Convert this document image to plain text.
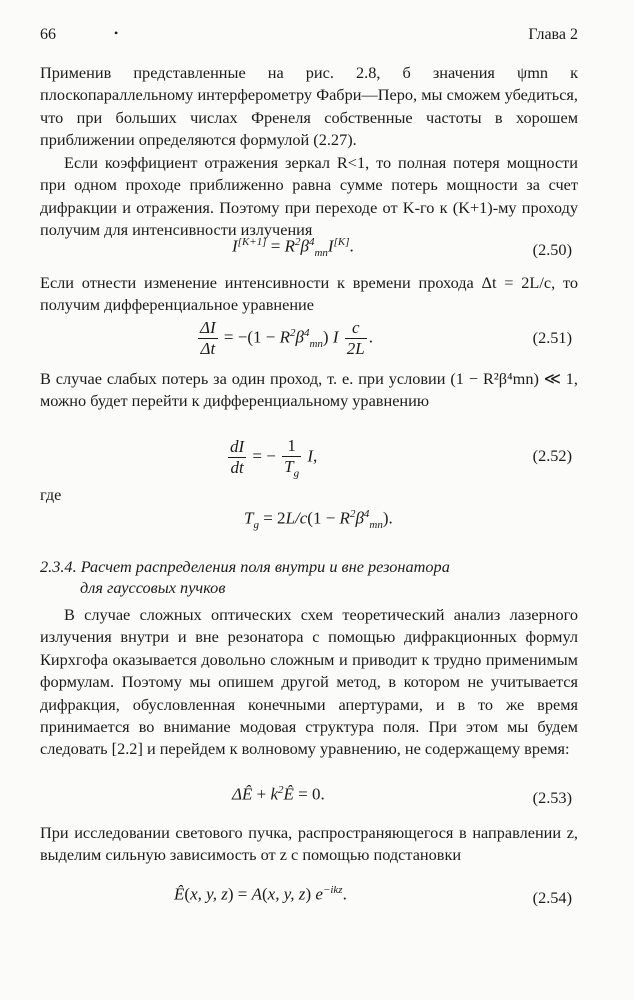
66	•	Глава 2

Применив представленные на рис. 2.8, б значения ψmn к плоскопараллельному интерферометру Фабри—Перо, мы сможем убедиться, что при больших числах Френеля собственные частоты в хорошем приближении определяются формулой (2.27).

Если коэффициент отражения зеркал R<1, то полная потеря мощности при одном проходе приближенно равна сумме потерь мощности за счет дифракции и отражения. Поэтому при переходе от K-го к (K+1)-му проходу получим для интенсивности излучения

$I[K+1] = R^2\beta^4_{mn}I[K]$.	(2.50)

Если отнести изменение интенсивности к времени прохода Δt = 2L/c, то получим дифференциальное уравнение

$\frac{\Delta I}{\Delta t} = -(1 - R^2\beta^4_{mn})$ I $\frac{c}{2L}$ .	(2.51)

В случае слабых потерь за один проход, т. е. при условии (1 − R²β⁴mn) ≪ 1, можно будет перейти к дифференциальному уравнению

$\frac{dI}{dt}$ = − $\frac{1}{T_g} I$,	(2.52)

где

$T_g = 2L/c(1 - R^2\beta^4_{mn})$.
2.3.4. Расчет распределения поля внутри и вне резонатора
для гауссовых пучков

В случае сложных оптических схем теоретический анализ лазерного излучения внутри и вне резонатора с помощью дифракционных формул Кирхгофа оказывается довольно сложным и приводит к трудно применимым формулам. Поэтому мы опишем другой метод, в котором не учитывается дифракция, обусловленная конечными апертурами, и в то же время принимается во внимание модовая структура поля. При этом мы будем следовать [2.2] и перейдем к волновому уравнению, не содержащему время:

ΔÊ + $k^2Ê = 0$.	(2.53)

При исследовании светового пучка, распространяющегося в направлении z, выделим сильную зависимость от z с помощью подстановки

Ê(x, y, z) = A(x, y, z) $e^{-ikz}$.	(2.54)
